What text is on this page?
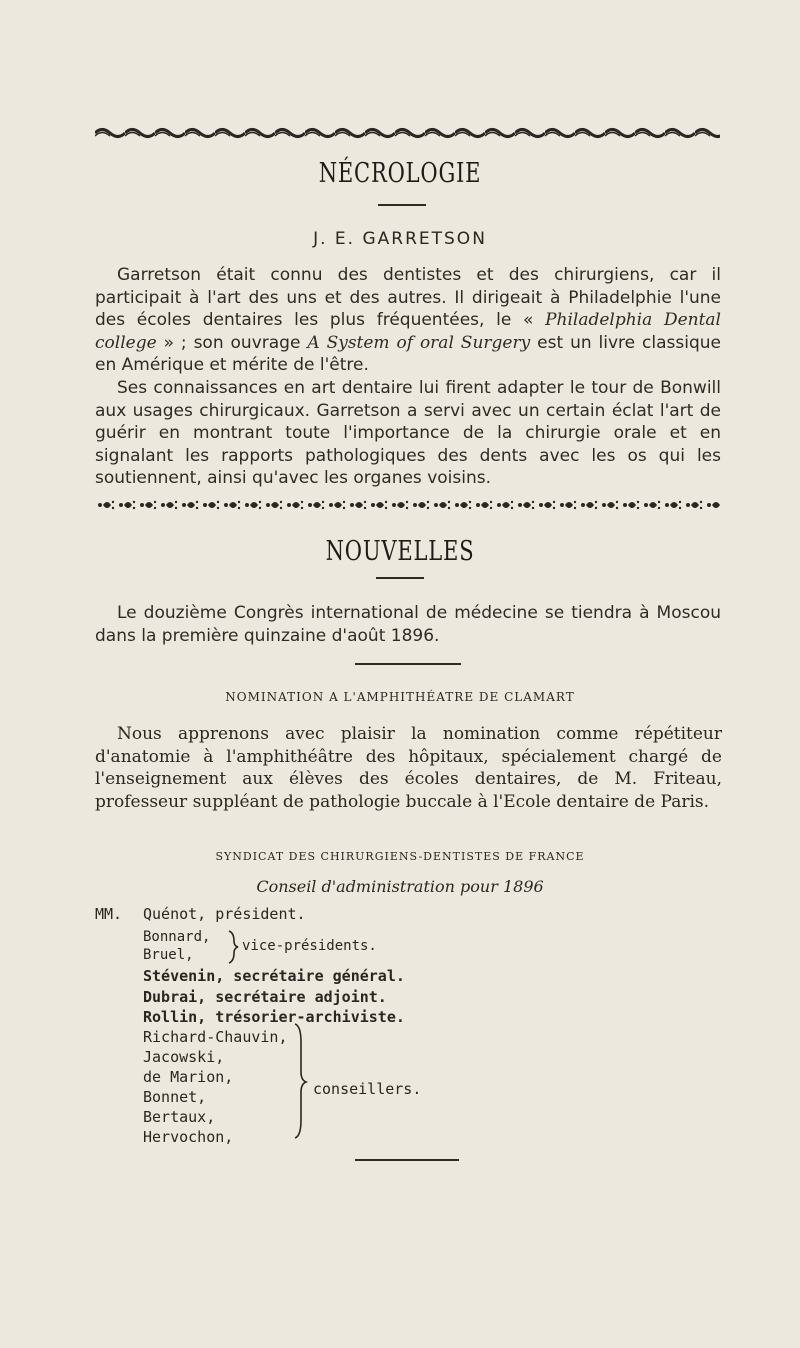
NÉCROLOGIE
J. E. GARRETSON

Garretson était connu des dentistes et des chirurgiens, car il participait à l'art des uns et des autres. Il dirigeait à Philadelphie l'une des écoles dentaires les plus fréquentées, le « Philadelphia Dental college » ; son ouvrage A System of oral Surgery est un livre classique en Amérique et mérite de l'être.

Ses connaissances en art dentaire lui firent adapter le tour de Bonwill aux usages chirurgicaux. Garretson a servi avec un certain éclat l'art de guérir en montrant toute l'importance de la chirurgie orale et en signalant les rapports pathologiques des dents avec les os qui les soutiennent, ainsi qu'avec les organes voisins.

NOUVELLES

Le douzième Congrès international de médecine se tiendra à Moscou dans la première quinzaine d'août 1896.

NOMINATION A L'AMPHITHÉATRE DE CLAMART

Nous apprenons avec plaisir la nomination comme répétiteur d'anatomie à l'amphithéâtre des hôpitaux, spécialement chargé de l'enseignement aux élèves des écoles dentaires, de M. Friteau, professeur suppléant de pathologie buccale à l'Ecole dentaire de Paris.

SYNDICAT DES CHIRURGIENS-DENTISTES DE FRANCE
Conseil d'administration pour 1896
MM. Quénot, président.
Bonnard,
Bruel,
vice-présidents.
Stévenin, secrétaire général.
Dubrai, secrétaire adjoint.
Rollin, trésorier-archiviste.
Richard-Chauvin,
Jacowski,
de Marion,
Bonnet,
Bertaux,
Hervochon,
conseillers.
